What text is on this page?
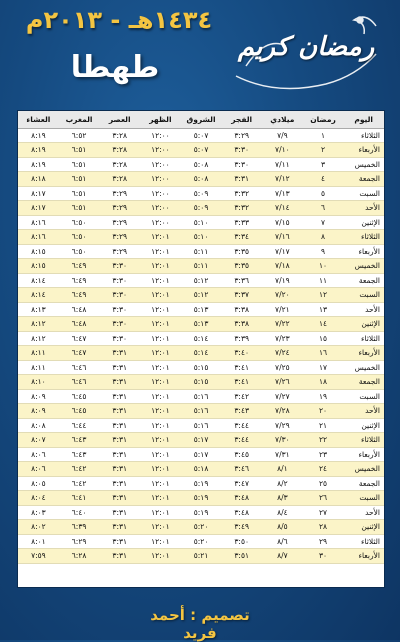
١٤٣٤هـ - ٢٠١٣م
طهطا
رمضان كريم
اليوم	رمضان	ميلادي	الفجر	الشروق	الظهر	العصر	المغرب	العشاء
الثلاثاء	١	٧/٩	٣:٢٩	٥:٠٧	١٢:٠٠	٣:٢٨	٦:٥٢	٨:١٩
الأربعاء	٢	٧/١٠	٣:٣٠	٥:٠٧	١٢:٠٠	٣:٢٨	٦:٥١	٨:١٩
الخميس	٣	٧/١١	٣:٣٠	٥:٠٨	١٢:٠٠	٣:٢٨	٦:٥١	٨:١٩
الجمعة	٤	٧/١٢	٣:٣١	٥:٠٨	١٢:٠٠	٣:٢٨	٦:٥١	٨:١٨
السبت	٥	٧/١٣	٣:٣٢	٥:٠٩	١٢:٠٠	٣:٢٩	٦:٥١	٨:١٧
الأحد	٦	٧/١٤	٣:٣٢	٥:٠٩	١٢:٠٠	٣:٢٩	٦:٥١	٨:١٧
الإثنين	٧	٧/١٥	٣:٣٣	٥:١٠	١٢:٠٠	٣:٢٩	٦:٥٠	٨:١٦
الثلاثاء	٨	٧/١٦	٣:٣٤	٥:١٠	١٢:٠١	٣:٢٩	٦:٥٠	٨:١٦
الأربعاء	٩	٧/١٧	٣:٣٥	٥:١١	١٢:٠١	٣:٢٩	٦:٥٠	٨:١٥
الخميس	١٠	٧/١٨	٣:٣٥	٥:١١	١٢:٠١	٣:٣٠	٦:٤٩	٨:١٥
الجمعة	١١	٧/١٩	٣:٣٦	٥:١٢	١٢:٠١	٣:٣٠	٦:٤٩	٨:١٤
السبت	١٢	٧/٢٠	٣:٣٧	٥:١٢	١٢:٠١	٣:٣٠	٦:٤٩	٨:١٤
الأحد	١٣	٧/٢١	٣:٣٨	٥:١٣	١٢:٠١	٣:٣٠	٦:٤٨	٨:١٣
الإثنين	١٤	٧/٢٢	٣:٣٨	٥:١٣	١٢:٠١	٣:٣٠	٦:٤٨	٨:١٢
الثلاثاء	١٥	٧/٢٣	٣:٣٩	٥:١٤	١٢:٠١	٣:٣٠	٦:٤٧	٨:١٢
الأربعاء	١٦	٧/٢٤	٣:٤٠	٥:١٤	١٢:٠١	٣:٣١	٦:٤٧	٨:١١
الخميس	١٧	٧/٢٥	٣:٤١	٥:١٥	١٢:٠١	٣:٣١	٦:٤٦	٨:١١
الجمعة	١٨	٧/٢٦	٣:٤١	٥:١٥	١٢:٠١	٣:٣١	٦:٤٦	٨:١٠
السبت	١٩	٧/٢٧	٣:٤٢	٥:١٦	١٢:٠١	٣:٣١	٦:٤٥	٨:٠٩
الأحد	٢٠	٧/٢٨	٣:٤٣	٥:١٦	١٢:٠١	٣:٣١	٦:٤٥	٨:٠٩
الإثنين	٢١	٧/٢٩	٣:٤٤	٥:١٦	١٢:٠١	٣:٣١	٦:٤٤	٨:٠٨
الثلاثاء	٢٢	٧/٣٠	٣:٤٤	٥:١٧	١٢:٠١	٣:٣١	٦:٤٣	٨:٠٧
الأربعاء	٢٣	٧/٣١	٣:٤٥	٥:١٧	١٢:٠١	٣:٣١	٦:٤٣	٨:٠٦
الخميس	٢٤	٨/١	٣:٤٦	٥:١٨	١٢:٠١	٣:٣١	٦:٤٢	٨:٠٦
الجمعة	٢٥	٨/٢	٣:٤٧	٥:١٩	١٢:٠١	٣:٣١	٦:٤٢	٨:٠٥
السبت	٢٦	٨/٣	٣:٤٨	٥:١٩	١٢:٠١	٣:٣١	٦:٤١	٨:٠٤
الأحد	٢٧	٨/٤	٣:٤٨	٥:١٩	١٢:٠١	٣:٣١	٦:٤٠	٨:٠٣
الإثنين	٢٨	٨/٥	٣:٤٩	٥:٢٠	١٢:٠١	٣:٣١	٦:٣٩	٨:٠٢
الثلاثاء	٢٩	٨/٦	٣:٥٠	٥:٢٠	١٢:٠١	٣:٣١	٦:٢٩	٨:٠١
الأربعاء	٣٠	٨/٧	٣:٥١	٥:٢١	١٢:٠١	٣:٣١	٦:٢٨	٧:٥٩
تصميم : أحمد فريد
